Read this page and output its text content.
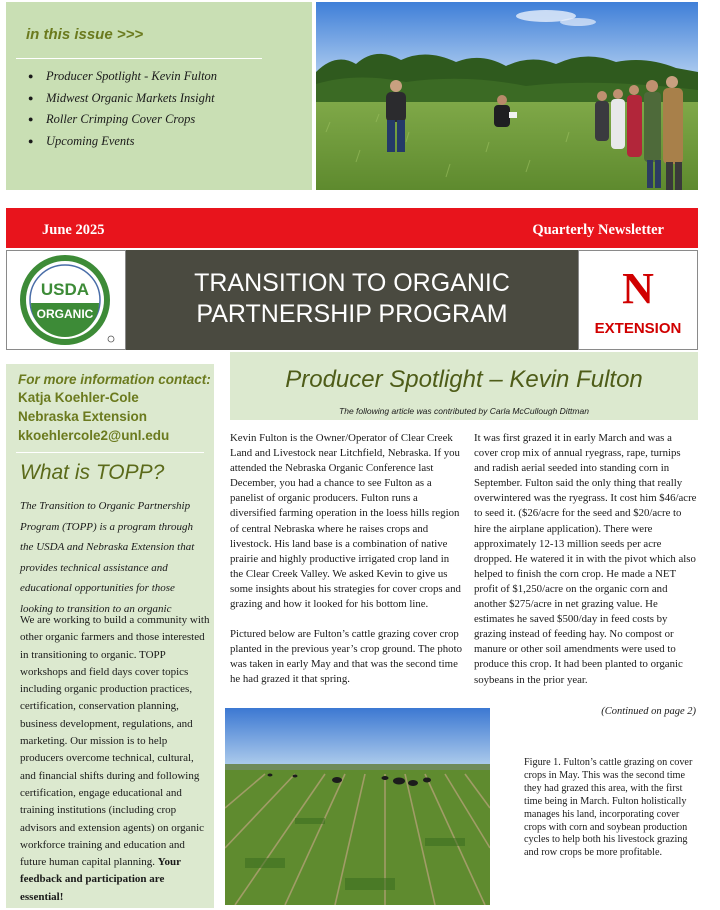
in this issue >>>
● Producer Spotlight - Kevin Fulton
● Midwest Organic Markets Insight
● Roller Crimping Cover Crops
● Upcoming Events
June 2025	Quarterly Newsletter
USDA
ORGANIC
TRANSITION TO ORGANIC
PARTNERSHIP PROGRAM
N
EXTENSION
For more information contact:
Katja Koehler-Cole
Nebraska Extension
kkoehlercole2@unl.edu
What is TOPP?
The Transition to Organic Partnership Program (TOPP) is a program through the USDA and Nebraska Extension that provides technical assistance and educational opportunities for those looking to transition to an organic
We are working to build a community with other organic farmers and those interested in transitioning to organic. TOPP workshops and field days cover topics including organic production practices, certification, conservation planning, business development, regulations, and marketing. Our mission is to help producers overcome technical, cultural, and financial shifts during and following certification, engage educational and training institutions (including crop advisors and extension agents) on organic workforce training and education and future human capital planning. Your feedback and participation are essential!
Producer Spotlight – Kevin Fulton
The following article was contributed by Carla McCullough Dittman

Kevin Fulton is the Owner/Operator of Clear Creek Land and Livestock near Litchfield, Nebraska. If you attended the Nebraska Organic Conference last December, you had a chance to see Fulton as a panelist of organic producers. Fulton runs a diversified farming operation in the loess hills region of central Nebraska where he raises crops and livestock. His land base is a combination of native prairie and highly productive irrigated crop land in the Clear Creek Valley. We asked Kevin to give us some insights about his strategies for cover crops and grazing and how it looked for his bottom line.

Pictured below are Fulton’s cattle grazing cover crop planted in the previous year’s crop ground. The photo was taken in early May and that was the second time he had grazed it that spring.

It was first grazed it in early March and was a cover crop mix of annual ryegrass, rape, turnips and radish aerial seeded into standing corn in September. Fulton said the only thing that really overwintered was the ryegrass. It cost him $46/acre to seed it. ($26/acre for the seed and $20/acre to hire the airplane application). There were approximately 12-13 million seeds per acre dropped. He watered it in with the pivot which also helped to finish the corn crop. He made a NET profit of $1,250/acre on the organic corn and another $275/acre in net grazing value. He estimates he saved $500/day in feed costs by grazing instead of feeding hay. No compost or manure or other soil amendments were used to produce this crop. It had been planted to organic soybeans in the prior year.

(Continued on page 2)
Figure 1. Fulton’s cattle grazing on cover crops in May. This was the second time they had grazed this area, with the first time being in March. Fulton holistically manages his land, incorporating cover crops with corn and soybean production cycles to help both his livestock grazing and row crops be more profitable.
